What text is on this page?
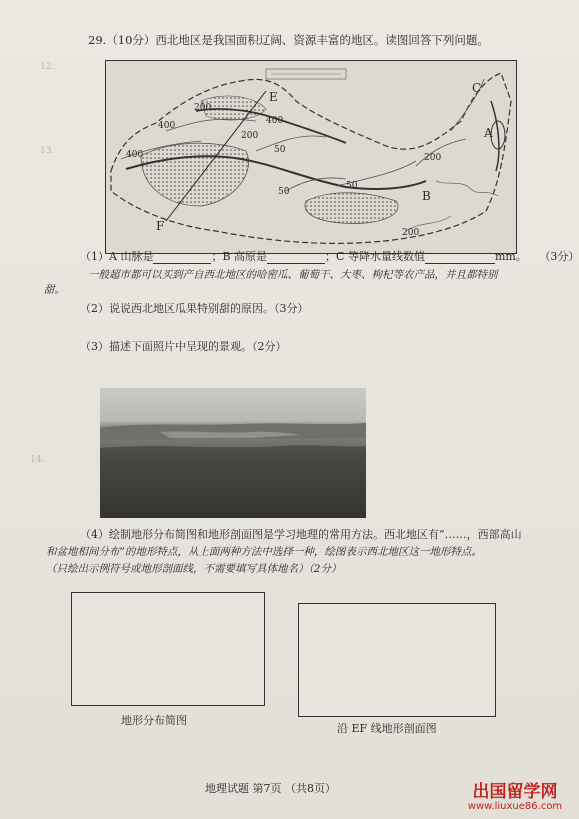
12.
13.
14.
29.（10分）西北地区是我国面积辽阔、资源丰富的地区。读图回答下列问题。
A
B
C
E
F
200
400
200
400
400	50
50
50
200
200
（1）A 山脉是	；B 高原是	；C 等降水量线数值	mm。 （3分）
一般超市都可以买到产自西北地区的哈密瓜、葡萄干、大枣、枸杞等农产品，并且都特别
甜。
（2）说说西北地区瓜果特别甜的原因。（3分）
（3）描述下面照片中呈现的景观。（2分）
（4）绘制地形分布简图和地形剖面图是学习地理的常用方法。西北地区有“……，西部高山
和盆地相间分布”的地形特点，从上面两种方法中选择一种，绘图表示西北地区这一地形特点。
（只绘出示例符号或地形剖面线，不需要填写具体地名）（2分）
地形分布简图
沿 EF 线地形剖面图
地理试题 第7页 （共8页）	出国留学网
www.liuxue86.com
